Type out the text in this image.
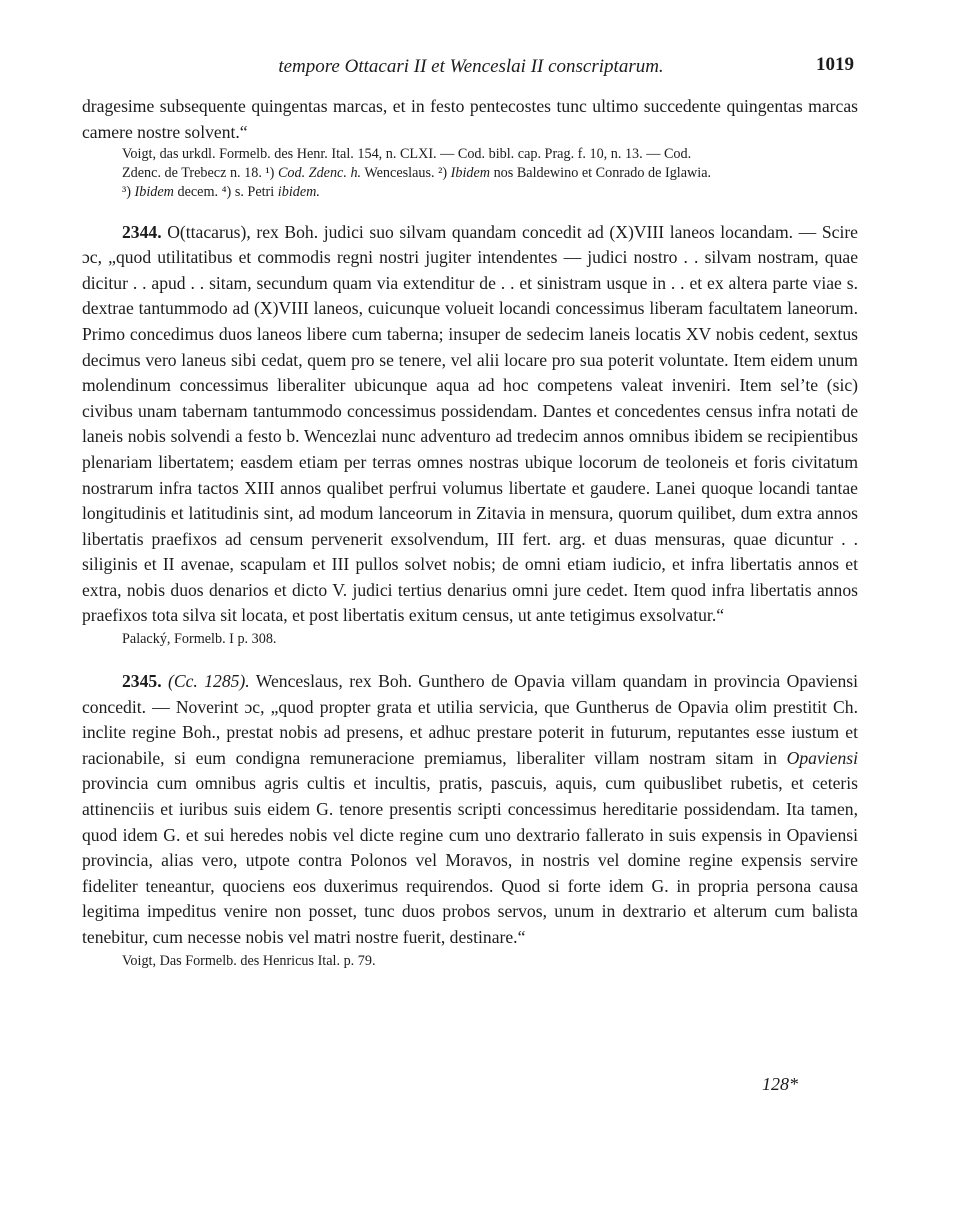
tempore Ottacari II et Wenceslai II conscriptarum.	1019

dragesime subsequente quingentas marcas, et in festo pentecostes tunc ultimo succedente quingentas marcas camere nostre solvent.“

Voigt, das urkdl. Formelb. des Henr. Ital. 154, n. CLXI. — Cod. bibl. cap. Prag. f. 10, n. 13. — Cod.
Zdenc. de Trebecz n. 18. ¹) Cod. Zdenc. h. Wenceslaus. ²) Ibidem nos Baldewino et Conrado de Iglawia.
³) Ibidem decem. ⁴) s. Petri ibidem.

2344. O(ttacarus), rex Boh. judici suo silvam quandam concedit ad (X)VIII laneos locandam. — Scire ɔc, „quod utilitatibus et commodis regni nostri jugiter intendentes — judici nostro . . silvam nostram, quae dicitur . . apud . . sitam, secundum quam via extenditur de . . et sinistram usque in . . et ex altera parte viae s. dextrae tantummodo ad (X)VIII laneos, cuicunque volueit locandi concessimus liberam facultatem laneorum. Primo concedimus duos laneos libere cum taberna; insuper de sedecim laneis locatis XV nobis cedent, sextus decimus vero laneus sibi cedat, quem pro se tenere, vel alii locare pro sua poterit voluntate. Item eidem unum molendinum concessimus liberaliter ubicunque aqua ad hoc competens valeat inveniri. Item sel’te (sic) civibus unam tabernam tantummodo concessimus possidendam. Dantes et concedentes census infra notati de laneis nobis solvendi a festo b. Wencezlai nunc adventuro ad tredecim annos omnibus ibidem se recipientibus plenariam libertatem; easdem etiam per terras omnes nostras ubique locorum de teoloneis et foris civitatum nostrarum infra tactos XIII annos qualibet perfrui volumus libertate et gaudere. Lanei quoque locandi tantae longitudinis et latitudinis sint, ad modum lanceorum in Zitavia in mensura, quorum quilibet, dum extra annos libertatis praefixos ad censum pervenerit exsolvendum, III fert. arg. et duas mensuras, quae dicuntur . . siliginis et II avenae, scapulam et III pullos solvet nobis; de omni etiam iudicio, et infra libertatis annos et extra, nobis duos denarios et dicto V. judici tertius denarius omni jure cedet. Item quod infra libertatis annos praefixos tota silva sit locata, et post libertatis exitum census, ut ante tetigimus exsolvatur.“

Palacký, Formelb. I p. 308.

2345. (Cc. 1285). Wenceslaus, rex Boh. Gunthero de Opavia villam quandam in provincia Opaviensi concedit. — Noverint ɔc, „quod propter grata et utilia servicia, que Guntherus de Opavia olim prestitit Ch. inclite regine Boh., prestat nobis ad presens, et adhuc prestare poterit in futurum, reputantes esse iustum et racionabile, si eum condigna remuneracione premiamus, liberaliter villam nostram sitam in Opaviensi provincia cum omnibus agris cultis et incultis, pratis, pascuis, aquis, cum quibuslibet rubetis, et ceteris attinenciis et iuribus suis eidem G. tenore presentis scripti concessimus hereditarie possidendam. Ita tamen, quod idem G. et sui heredes nobis vel dicte regine cum uno dextrario fallerato in suis expensis in Opaviensi provincia, alias vero, utpote contra Polonos vel Moravos, in nostris vel domine regine expensis servire fideliter teneantur, quociens eos duxerimus requirendos. Quod si forte idem G. in propria persona causa legitima impeditus venire non posset, tunc duos probos servos, unum in dextrario et alterum cum balista tenebitur, cum necesse nobis vel matri nostre fuerit, destinare.“

Voigt, Das Formelb. des Henricus Ital. p. 79.

128*
